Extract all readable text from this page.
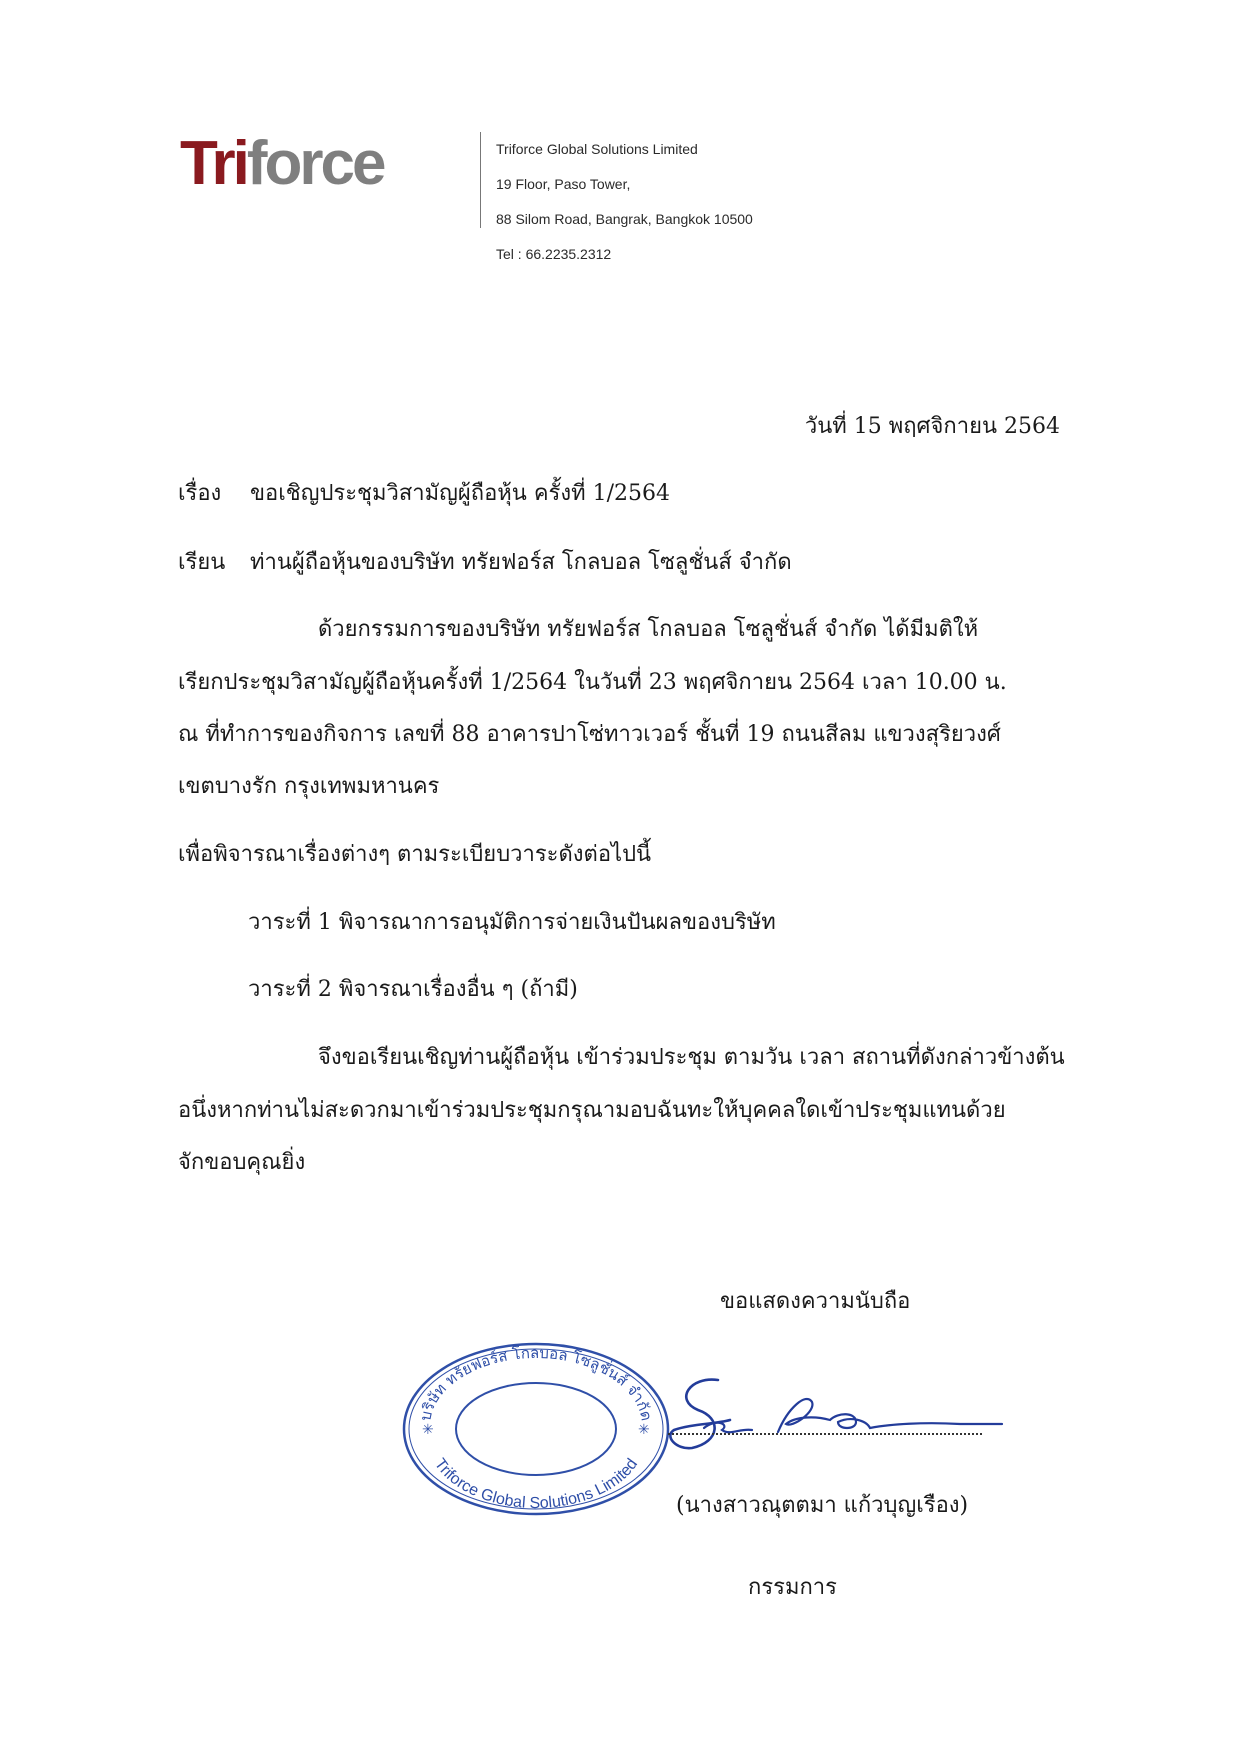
Triforce	Triforce Global Solutions Limited
19 Floor, Paso Tower,
88 Silom Road, Bangrak, Bangkok 10500
Tel : 66.2235.2312
วันที่ 15 พฤศจิกายน 2564
เรื่อง ขอเชิญประชุมวิสามัญผู้ถือหุ้น ครั้งที่ 1/2564
เรียน ท่านผู้ถือหุ้นของบริษัท ทรัยฟอร์ส โกลบอล โซลูชั่นส์ จำกัด
ด้วยกรรมการของบริษัท ทรัยฟอร์ส โกลบอล โซลูชั่นส์ จำกัด ได้มีมติให้
เรียกประชุมวิสามัญผู้ถือหุ้นครั้งที่ 1/2564 ในวันที่ 23 พฤศจิกายน 2564 เวลา 10.00 น.
ณ ที่ทำการของกิจการ เลขที่ 88 อาคารปาโซ่ทาวเวอร์ ชั้นที่ 19 ถนนสีลม แขวงสุริยวงศ์
เขตบางรัก กรุงเทพมหานคร
เพื่อพิจารณาเรื่องต่างๆ ตามระเบียบวาระดังต่อไปนี้
วาระที่ 1 พิจารณาการอนุมัติการจ่ายเงินปันผลของบริษัท
วาระที่ 2 พิจารณาเรื่องอื่น ๆ (ถ้ามี)
จึงขอเรียนเชิญท่านผู้ถือหุ้น เข้าร่วมประชุม ตามวัน เวลา สถานที่ดังกล่าวข้างต้น
อนึ่งหากท่านไม่สะดวกมาเข้าร่วมประชุมกรุณามอบฉันทะให้บุคคลใดเข้าประชุมแทนด้วย
จักขอบคุณยิ่ง
ขอแสดงความนับถือ
บริษัท ทรัยฟอร์ส โกลบอล โซลูชั่นส์ จำกัด
Triforce Global Solutions Limited
✳	✳
(นางสาวณุตตมา แก้วบุญเรือง)
กรรมการ
